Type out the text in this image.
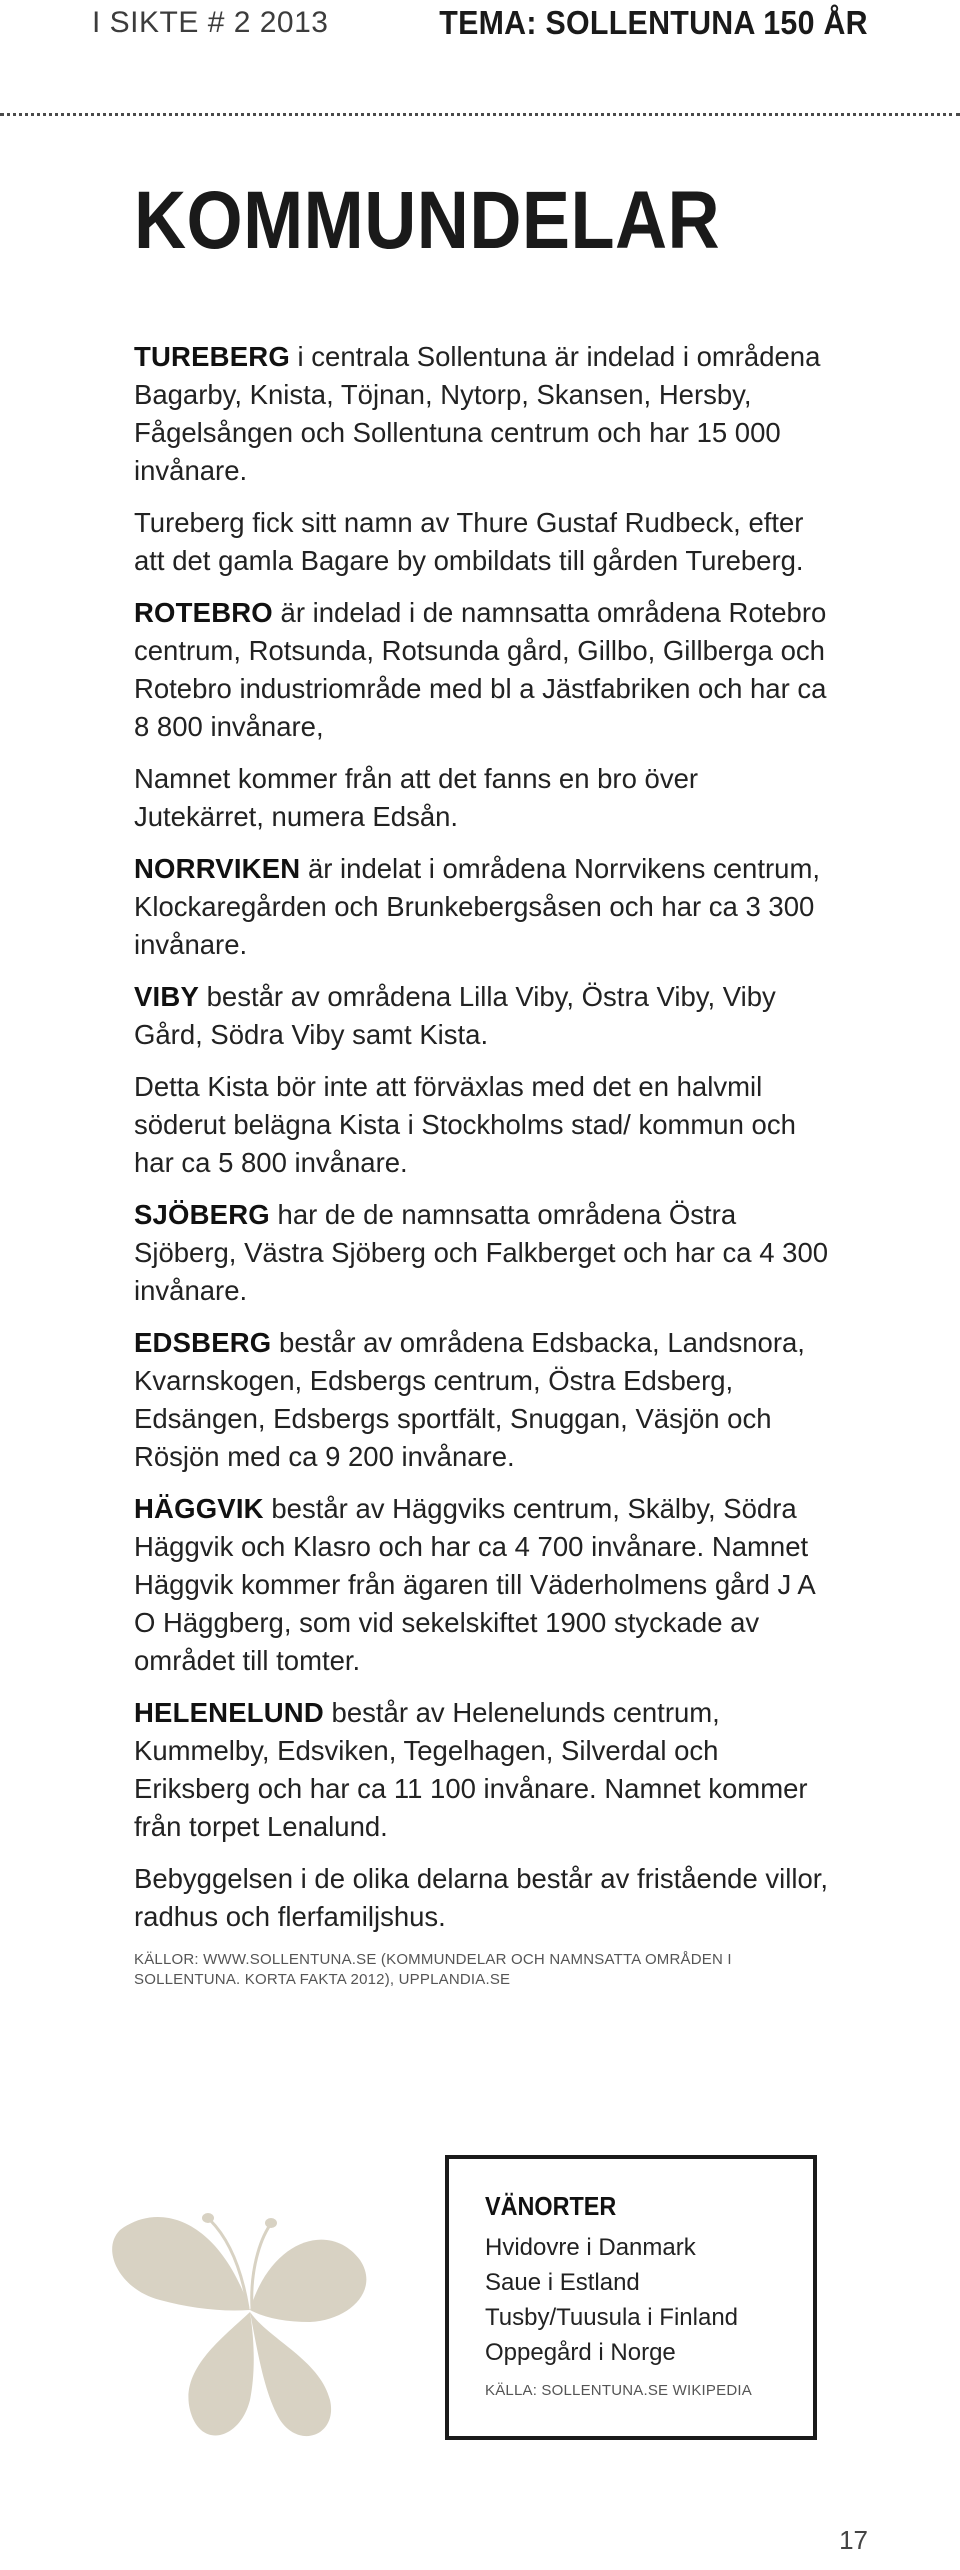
I SIKTE # 2 2013	TEMA: SOLLENTUNA 150 ÅR
KOMMUNDELAR

TUREBERG i centrala Sollentuna är indelad i områdena Bagarby, Knista, Töjnan, Nytorp, Skansen, Hersby, Fågelsången och Sollentuna centrum och har 15 000 invånare.

Tureberg fick sitt namn av Thure Gustaf Rudbeck, efter att det gamla Bagare by ombildats till gården Tureberg.

ROTEBRO är indelad i de namnsatta områdena Rotebro centrum, Rotsunda, Rotsunda gård, Gillbo, Gillberga och Rotebro industriområde med bl a Jästfabriken och har ca 8 800 invånare,

Namnet kommer från att det fanns en bro över Jutekärret, numera Edsån.

NORRVIKEN är indelat i områdena Norrvikens centrum, Klockaregården och Brunkebergsåsen och har ca 3 300 invånare.

VIBY består av områdena Lilla Viby, Östra Viby, Viby Gård, Södra Viby samt Kista.

Detta Kista bör inte att förväxlas med det en halvmil söderut belägna Kista i Stockholms stad/ kommun och har ca 5 800 invånare.

SJÖBERG har de de namnsatta områdena Östra Sjöberg, Västra Sjöberg och Falkberget och har ca 4 300 invånare.

EDSBERG består av områdena Edsbacka, Landsnora, Kvarnskogen, Edsbergs centrum, Östra Edsberg, Edsängen, Edsbergs sportfält, Snuggan, Väsjön och Rösjön med ca 9 200 invånare.

HÄGGVIK består av Häggviks centrum, Skälby, Södra Häggvik och Klasro och har ca 4 700 invånare. Namnet Häggvik kommer från ägaren till Väderholmens gård J A O Häggberg, som vid sekelskiftet 1900 styckade av området till tomter.

HELENELUND består av Helenelunds centrum, Kummelby, Edsviken, Tegelhagen, Silverdal och Eriksberg och har ca 11 100 invånare. Namnet kommer från torpet Lenalund.

Bebyggelsen i de olika delarna består av fristående villor, radhus och flerfamiljshus.

KÄLLOR: WWW.SOLLENTUNA.SE (KOMMUNDELAR OCH NAMNSATTA OMRÅDEN I SOLLENTUNA. KORTA FAKTA 2012), UPPLANDIA.SE
VÄNORTER
Hvidovre i Danmark
Saue i Estland
Tusby/Tuusula i Finland
Oppegård i Norge
KÄLLA: SOLLENTUNA.SE WIKIPEDIA
17
